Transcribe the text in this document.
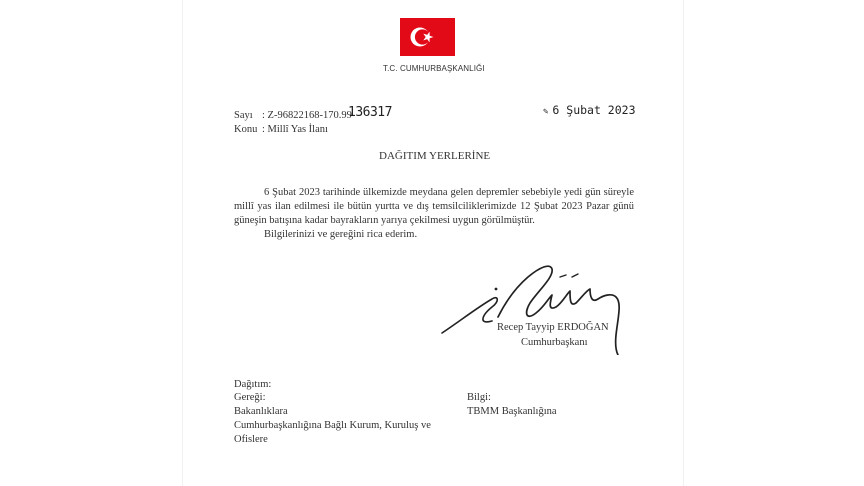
T.C. CUMHURBAŞKANLIĞI
Sayı : Z-96822168-170.99-
136317
Konu : Millî Yas İlanı
✎ 6 Şubat 2023
DAĞITIM YERLERİNE

6 Şubat 2023 tarihinde ülkemizde meydana gelen depremler sebebiyle yedi gün süreyle millî yas ilan edilmesi ile bütün yurtta ve dış temsilciliklerimizde 12 Şubat 2023 Pazar günü güneşin batışına kadar bayrakların yarıya çekilmesi uygun görülmüştür.

Bilgilerinizi ve gereğini rica ederim.

Recep Tayyip ERDOĞAN
Cumhurbaşkanı
Dağıtım:
Gereği:
Bakanlıklara
Cumhurbaşkanlığına Bağlı Kurum, Kuruluş ve
Ofislere
Bilgi:
TBMM Başkanlığına
